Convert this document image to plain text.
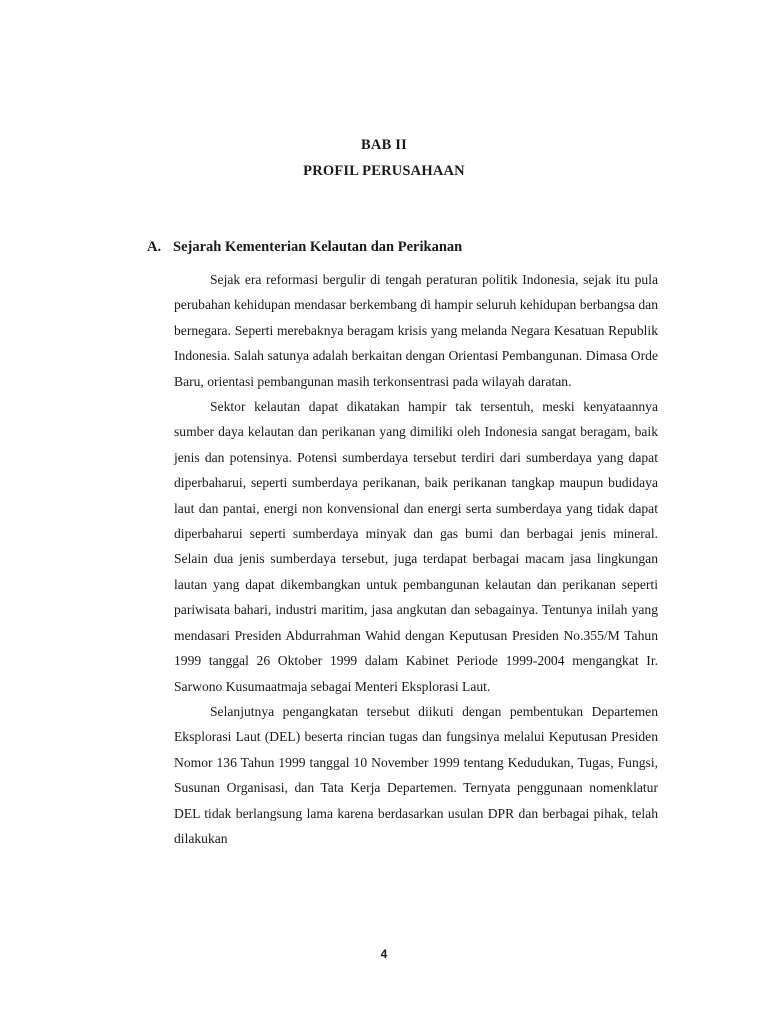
BAB II
PROFIL PERUSAHAAN
A. Sejarah Kementerian Kelautan dan Perikanan

Sejak era reformasi bergulir di tengah peraturan politik Indonesia, sejak itu pula perubahan kehidupan mendasar berkembang di hampir seluruh kehidupan berbangsa dan bernegara. Seperti merebaknya beragam krisis yang melanda Negara Kesatuan Republik Indonesia. Salah satunya adalah berkaitan dengan Orientasi Pembangunan. Dimasa Orde Baru, orientasi pembangunan masih terkonsentrasi pada wilayah daratan.

Sektor kelautan dapat dikatakan hampir tak tersentuh, meski kenyataannya sumber daya kelautan dan perikanan yang dimiliki oleh Indonesia sangat beragam, baik jenis dan potensinya. Potensi sumberdaya tersebut terdiri dari sumberdaya yang dapat diperbaharui, seperti sumberdaya perikanan, baik perikanan tangkap maupun budidaya laut dan pantai, energi non konvensional dan energi serta sumberdaya yang tidak dapat diperbaharui seperti sumberdaya minyak dan gas bumi dan berbagai jenis mineral. Selain dua jenis sumberdaya tersebut, juga terdapat berbagai macam jasa lingkungan lautan yang dapat dikembangkan untuk pembangunan kelautan dan perikanan seperti pariwisata bahari, industri maritim, jasa angkutan dan sebagainya. Tentunya inilah yang mendasari Presiden Abdurrahman Wahid dengan Keputusan Presiden No.355/M Tahun 1999 tanggal 26 Oktober 1999 dalam Kabinet Periode 1999-2004 mengangkat Ir. Sarwono Kusumaatmaja sebagai Menteri Eksplorasi Laut.

Selanjutnya pengangkatan tersebut diikuti dengan pembentukan Departemen Eksplorasi Laut (DEL) beserta rincian tugas dan fungsinya melalui Keputusan Presiden Nomor 136 Tahun 1999 tanggal 10 November 1999 tentang Kedudukan, Tugas, Fungsi, Susunan Organisasi, dan Tata Kerja Departemen. Ternyata penggunaan nomenklatur DEL tidak berlangsung lama karena berdasarkan usulan DPR dan berbagai pihak, telah dilakukan

4
